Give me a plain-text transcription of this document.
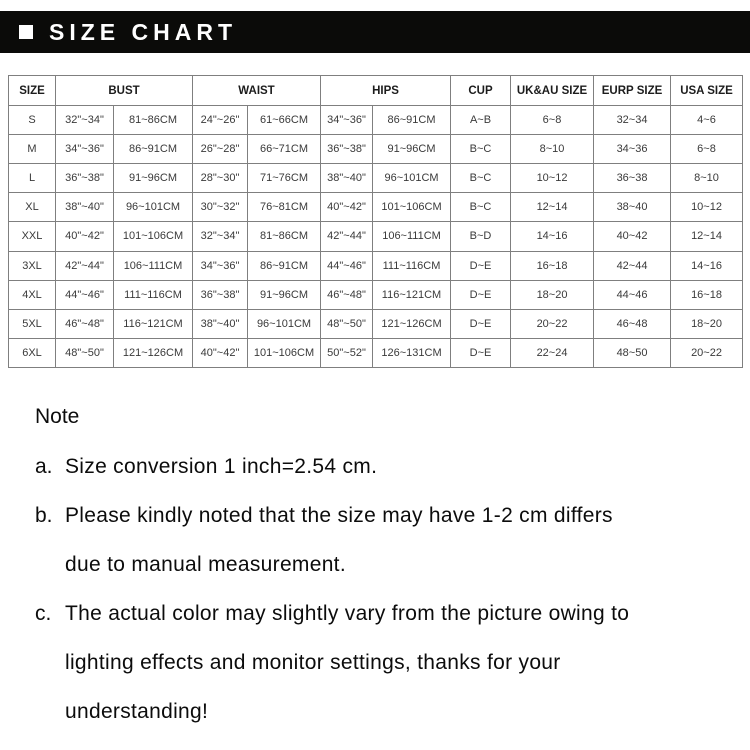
SIZE CHART
SIZE	BUST		WAIST		HIPS		CUP	UK&AU SIZE	EURP SIZE	USA SIZE
S	32"~34"	81~86CM	24"~26"	61~66CM	34"~36"	86~91CM	A~B	6~8	32~34	4~6
M	34"~36"	86~91CM	26"~28"	66~71CM	36"~38"	91~96CM	B~C	8~10	34~36	6~8
L	36"~38"	91~96CM	28"~30"	71~76CM	38"~40"	96~101CM	B~C	10~12	36~38	8~10
XL	38"~40"	96~101CM	30"~32"	76~81CM	40"~42"	101~106CM	B~C	12~14	38~40	10~12
XXL	40"~42"	101~106CM	32"~34"	81~86CM	42"~44"	106~111CM	B~D	14~16	40~42	12~14
3XL	42"~44"	106~111CM	34"~36"	86~91CM	44"~46"	111~116CM	D~E	16~18	42~44	14~16
4XL	44"~46"	111~116CM	36"~38"	91~96CM	46"~48"	116~121CM	D~E	18~20	44~46	16~18
5XL	46"~48"	116~121CM	38"~40"	96~101CM	48"~50"	121~126CM	D~E	20~22	46~48	18~20
6XL	48"~50"	121~126CM	40"~42"	101~106CM	50"~52"	126~131CM	D~E	22~24	48~50	20~22
Note
a. Size conversion 1 inch=2.54 cm.

b. Please kindly noted that the size may have 1-2 cm differs

due to manual measurement.

c. The actual color may slightly vary from the picture owing to

lighting effects and monitor settings, thanks for your

understanding!
